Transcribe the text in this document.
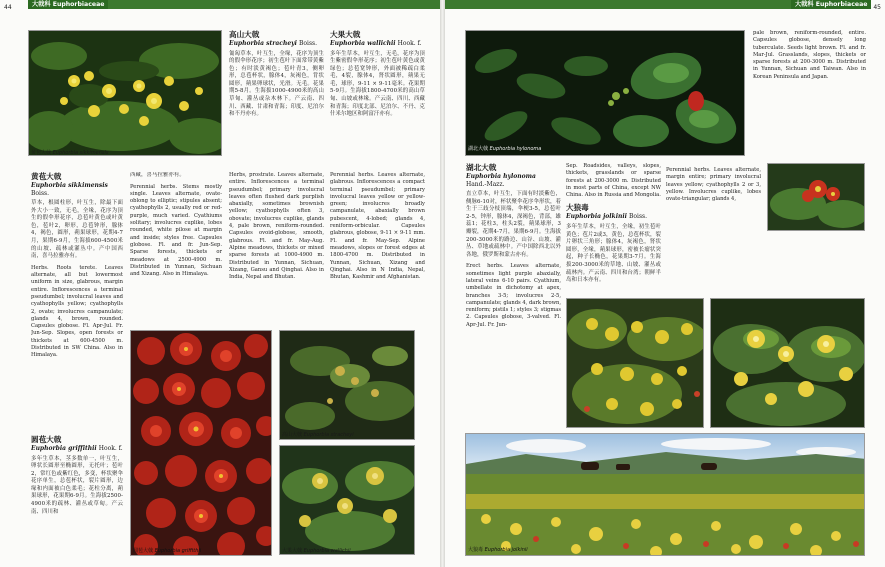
44	大戟科 Euphorbiaceae
黄苞大戟 Euphorbia sikkimensis
高山大戟
Euphorbia stracheyi Boiss.
匍匐草本，叶互生，全缘，花序为顶生的假伞形花序；初生苞叶下面常带黄紫色；有时淡黄褐色；苞叶青3，侧卵形，总苞杯状，腺体4，灰褐色，背状圆形，蒴果卵球状，光滑。无毛。花果期5-8月。生海拔1000-4900米的高山草甸、灌丛或杂木林下。产云南、四川、西藏、甘肃和青海；印度、尼泊尔和不丹亦有。
大果大戟
Euphorbia wallichii Hook. f.
多年生草本，叶互生，无毛，花序为顶生紫密假伞形花序；初生苞叶黄色或黄绿色；总苞宽钟形，外面被稀疏白柔毛，4裂，腺体4，肾状圆形，蒴果无毛，球形，9-11 × 9-11毫米。花果期5-9月。生海拔1800-4700米的高山草甸、山坡或林缘。产云南、四川、西藏和青海；印度北部、尼泊尔、不丹、克什米尔地区和阿富汗亦有。
黄苞大戟
Euphorbia sikkimensis Boiss.
草本，根圆柱形，叶互生，除最下面外大小一致，无毛，全缘，花序为顶生的假伞形花序，总苞叶黄色或叶黄色，苞叶2，卵形，总苞钟形，腺体4，褐色，圆形，蒴果球形，花期4-7月，果期6-9月，生海拔600-4500米的山坡、疏林或灌丛中。产中国西南，喜马拉雅亦有。
Herbs. Roots terete. Leaves alternate, all but lowermost uniform in size, glabrous, margin entire. Inflorescences a terminal pseudumbel; involucral leaves and cyathophylls yellow; cyathophylls 2, ovate; involucres campanulate; glands 4, brown, rounded. Capsules globose. Fl. Apr-Jul. Fr. Jun-Sep. Slopes, open forests or thickets at 600-4500 m. Distributed in SW China. Also in Himalaya.
圆苞大戟
Euphorbia griffithii Hook. f.
多年生草本，茎多数单一，叶互生，卵状长圆形至椭圆形，无托叶；苞叶2，常红色或紫红色，多变，杯状聚伞花序单生，总苞杯状，裂片圆形，边缘和内面被白色柔毛；花柱分离，蒴果球形，花果期6-9月。生海拔2500-4900米的疏林、灌丛或草甸。产云南、四川和
西藏，喜马拉雅亦有。
Perennial herbs. Stems mostly single. Leaves alternate, ovate-oblong to elliptic; stipules absent; cyathophylls 2, usually red or red-purple, much varied. Cyathiums solitary; involucres cuplike, lobes rounded, white pilose at margin and inside; styles free. Capsules globose. Fl. and fr. Jun-Sep. Sparse forests, thickets or meadows at 2500-4900 m. Distributed in Yunnan, Sichuan and Xizang. Also in Himalaya.
Herbs, prostrate. Leaves alternate, entire. Inflorescences a terminal pseudumbel; primary involucral leaves often flushed dark purplish abaxially, sometimes brownish yellow; cyathophylls often 3, obovate; involucres cuplike, glands 4, pale brown, reniform-rounded. Capsules ovoid-globose, smooth, glabrous. Fl. and fr. May-Aug. Alpine meadows, thickets or mixed sparse forests at 1000-4900 m. Distributed in Yunnan, Sichuan, Xizang, Gansu and Qinghai. Also in India, Nepal and Bhutan.
Perennial herbs. Leaves alternate, glabrous. Inflorescences a compact terminal pseudumbel; primary involucral leaves yellow or yellow-green; involucres broadly campanulate, abaxially brown pubescent, 4-lobed; glands 4, reniform-orbicular. Capsules glabrous, globose, 9-11 × 9-11 mm. Fl. and fr. May-Sep. Alpine meadows, slopes or forest edges at 1800-4700 m. Distributed in Yunnan, Sichuan, Xizang and Qinghai. Also in N India, Nepal, Bhutan, Kashmir and Afghanistan.
圆苞大戟 Euphorbia griffithii
高山大戟 Euphorbia stracheyi
大果大戟 Euphorbia wallichii
45
大戟科 Euphorbiaceae
湖北大戟 Euphorbia hylonoma
pale brown, reniform-rounded, entire. Capsules globose, densely long tuberculate. Seeds light brown. Fl. and fr. Mar-Jul. Grasslands, slopes, thickets or sparse forests at 200-3000 m. Distributed in Yunnan, Sichuan and Taiwan. Also in Korean Peninsula and Japan.
湖北大戟
Euphorbia hylonoma
Hand.-Mazz.
直立草本，叶互生，下面有时淡紫色，侧脉6-10对，杯状聚伞花序伞形状，着生于三歧分枝顶端，伞梗3-5，总苞叶2-5，钟形，腺体4，深褐色，背部，雄蕊1；花柱3，柱头2裂，蒴果球形，3瓣裂，花期4-7月，果期6-9月。生海拔200-3000米的路边、山谷、山坡、灌丛、草地或疏林中。产中国除西北以外各地，俄罗斯和蒙古亦有。
Erect herbs. Leaves alternate, sometimes light purple abaxially, lateral veins 6-10 pairs. Cyathium, umbellate in dichotomy at apex, branches 3-5; involucres 2-5, campanulate; glands 4, dark brown, reniform; pistils 1; styles 3; stigmas 2. Capsules globose, 3-valved. Fl. Apr-Jul. Fr. Jun-
Sep. Roadsides, valleys, slopes, thickets, grasslands or sparse forests at 200-3000 m. Distributed in most parts of China, except NW China. Also in Russia and Mongolia.
大狼毒
Euphorbia jolkinii Boiss.
多年生草本，叶互生，全缘，初生苞叶黄色；苞片2或3，黄色，总苞杯状，裂片卵状三角形；腺体4，灰褐色，肾状圆形，全缘，蒴果球形，密被长瘤状突起，种子长椭色，花果期3-7月。生海拔200-3000米的草地、山坡、灌丛或疏林内。产云南、四川和台湾；朝鲜半岛和日本亦有。
Perennial herbs. Leaves alternate, margin entire; primary involucral leaves yellow; cyathophylls 2 or 3, yellow. Involucres cuplike, lobes ovate-triangular; glands 4,
大狼毒 Euphorbia jolkinii
